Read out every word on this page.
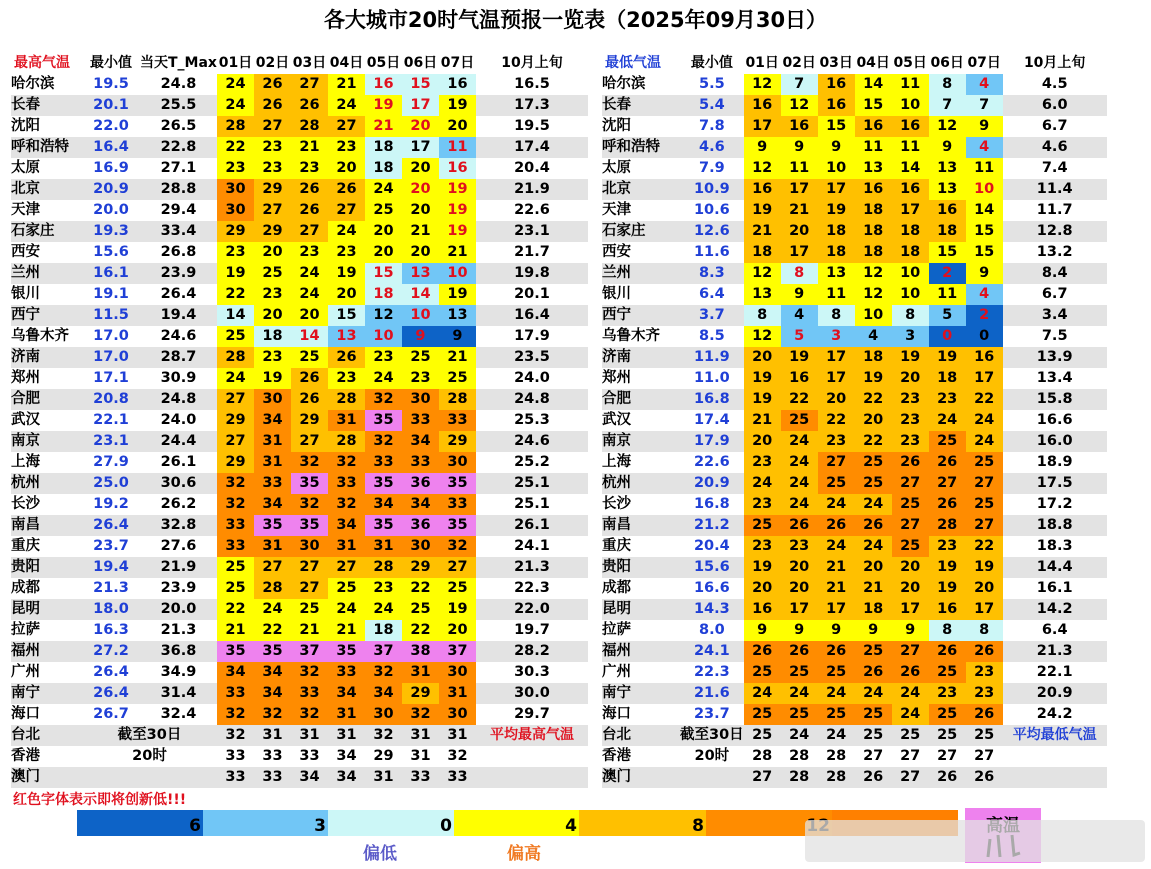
各大城市20时气温预报一览表（2025年09月30日）
最高气温	最小值	当天T_Max	01日	02日	03日	04日	05日	06日	07日	10月上旬
哈尔滨	19.5	24.8	24	26	27	21	16	15	16	16.5
长春	20.1	25.5	24	26	26	24	19	17	19	17.3
沈阳	22.0	26.5	28	27	28	27	21	20	20	19.5
呼和浩特	16.4	22.8	22	23	21	23	18	17	11	17.4
太原	16.9	27.1	23	23	23	20	18	20	16	20.4
北京	20.9	28.8	30	29	26	26	24	20	19	21.9
天津	20.0	29.4	30	27	26	27	25	20	19	22.6
石家庄	19.3	33.4	29	29	27	24	20	21	19	23.1
西安	15.6	26.8	23	20	23	23	20	20	21	21.7
兰州	16.1	23.9	19	25	24	19	15	13	10	19.8
银川	19.1	26.4	22	23	24	20	18	14	19	20.1
西宁	11.5	19.4	14	20	20	15	12	10	13	16.4
乌鲁木齐	17.0	24.6	25	18	14	13	10	9	9	17.9
济南	17.0	28.7	28	23	25	26	23	25	21	23.5
郑州	17.1	30.9	24	19	26	23	24	23	25	24.0
合肥	20.8	24.8	27	30	26	28	32	30	28	24.8
武汉	22.1	24.0	29	34	29	31	35	33	33	25.3
南京	23.1	24.4	27	31	27	28	32	34	29	24.6
上海	27.9	26.1	29	31	32	32	33	33	30	25.2
杭州	25.0	30.6	32	33	35	33	35	36	35	25.1
长沙	19.2	26.2	32	34	32	32	34	34	33	25.1
南昌	26.4	32.8	33	35	35	34	35	36	35	26.1
重庆	23.7	27.6	33	31	30	31	31	30	32	24.1
贵阳	19.4	21.9	25	27	27	27	28	29	27	21.3
成都	21.3	23.9	25	28	27	25	23	22	25	22.3
昆明	18.0	20.0	22	24	25	24	24	25	19	22.0
拉萨	16.3	21.3	21	22	21	21	18	22	20	19.7
福州	27.2	36.8	35	35	37	35	37	38	37	28.2
广州	26.4	34.9	34	34	32	33	32	31	30	30.3
南宁	26.4	31.4	33	34	33	34	34	29	31	30.0
海口	26.7	32.4	32	32	32	31	30	32	30	29.7
台北	截至30日		32	31	31	31	32	31	31	平均最高气温
香港	20时		33	33	33	34	29	31	32	
澳门			33	33	34	34	31	33	33	
最低气温	最小值	01日	02日	03日	04日	05日	06日	07日	10月上旬
哈尔滨	5.5	12	7	16	14	11	8	4	4.5
长春	5.4	16	12	16	15	10	7	7	6.0
沈阳	7.8	17	16	15	16	16	12	9	6.7
呼和浩特	4.6	9	9	9	11	11	9	4	4.6
太原	7.9	12	11	10	13	14	13	11	7.4
北京	10.9	16	17	17	16	16	13	10	11.4
天津	10.6	19	21	19	18	17	16	14	11.7
石家庄	12.6	21	20	18	18	18	18	15	12.8
西安	11.6	18	17	18	18	18	15	15	13.2
兰州	8.3	12	8	13	12	10	2	9	8.4
银川	6.4	13	9	11	12	10	11	4	6.7
西宁	3.7	8	4	8	10	8	5	2	3.4
乌鲁木齐	8.5	12	5	3	4	3	0	0	7.5
济南	11.9	20	19	17	18	19	19	16	13.9
郑州	11.0	19	16	17	19	20	18	17	13.4
合肥	16.8	19	22	20	22	23	23	22	15.8
武汉	17.4	21	25	22	20	23	24	24	16.6
南京	17.9	20	24	23	22	23	25	24	16.0
上海	22.6	23	24	27	25	26	26	25	18.9
杭州	20.9	24	24	25	25	27	27	27	17.5
长沙	16.8	23	24	24	24	25	26	25	17.2
南昌	21.2	25	26	26	26	27	28	27	18.8
重庆	20.4	23	23	24	24	25	23	22	18.3
贵阳	15.6	19	20	21	20	20	19	19	14.4
成都	16.6	20	20	21	21	20	19	20	16.1
昆明	14.3	16	17	17	18	17	16	17	14.2
拉萨	8.0	9	9	9	9	9	8	8	6.4
福州	24.1	26	26	26	25	27	26	26	21.3
广州	22.3	25	25	25	26	26	25	23	22.1
南宁	21.6	24	24	24	24	24	23	23	20.9
海口	23.7	25	25	25	25	24	25	26	24.2
台北	截至30日	25	24	24	25	25	25	25	平均最低气温
香港	20时	28	28	28	27	27	27	27	
澳门		27	28	28	26	27	26	26	
红色字体表示即将创新低!!!
6	3	0	4	8
偏低	偏高
